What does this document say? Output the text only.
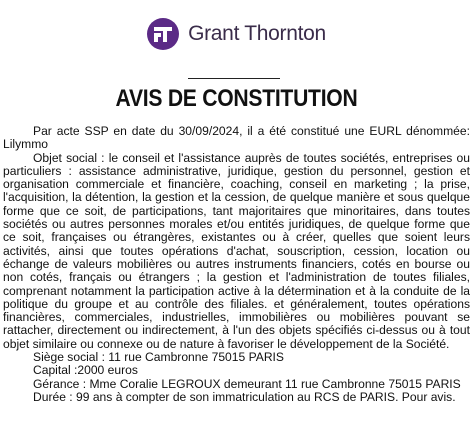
Grant Thornton
AVIS DE CONSTITUTION

Par acte SSP en date du 30/09/2024, il a été constitué une EURL dénommée: Lilymmo

Objet social : le conseil et l'assistance auprès de toutes sociétés, entreprises ou particuliers : assistance administrative, juridique, gestion du personnel, gestion et organisation commerciale et financière, coaching, conseil en marketing ; la prise, l'acquisition, la détention, la gestion et la cession, de quelque manière et sous quelque forme que ce soit, de participations, tant majoritaires que minoritaires, dans toutes sociétés ou autres personnes morales et/ou entités juridiques, de quelque forme que ce soit, françaises ou étrangères, existantes ou à créer, quelles que soient leurs activités, ainsi que toutes opérations d'achat, souscription, cession, location ou échange de valeurs mobilières ou autres instruments financiers, cotés en bourse ou non cotés, français ou étrangers ; la gestion et l'administration de toutes filiales, comprenant notamment la participation active à la détermination et à la conduite de la politique du groupe et au contrôle des filiales. et généralement, toutes opérations financières, commerciales, industrielles, immobilières ou mobilières pouvant se rattacher, directement ou indirectement, à l'un des objets spécifiés ci-dessus ou à tout objet similaire ou connexe ou de nature à favoriser le développement de la Société.

Siège social : 11 rue Cambronne 75015 PARIS

Capital :2000 euros

Gérance : Mme Coralie LEGROUX demeurant 11 rue Cambronne 75015 PARIS

Durée : 99 ans à compter de son immatriculation au RCS de PARIS. Pour avis.
